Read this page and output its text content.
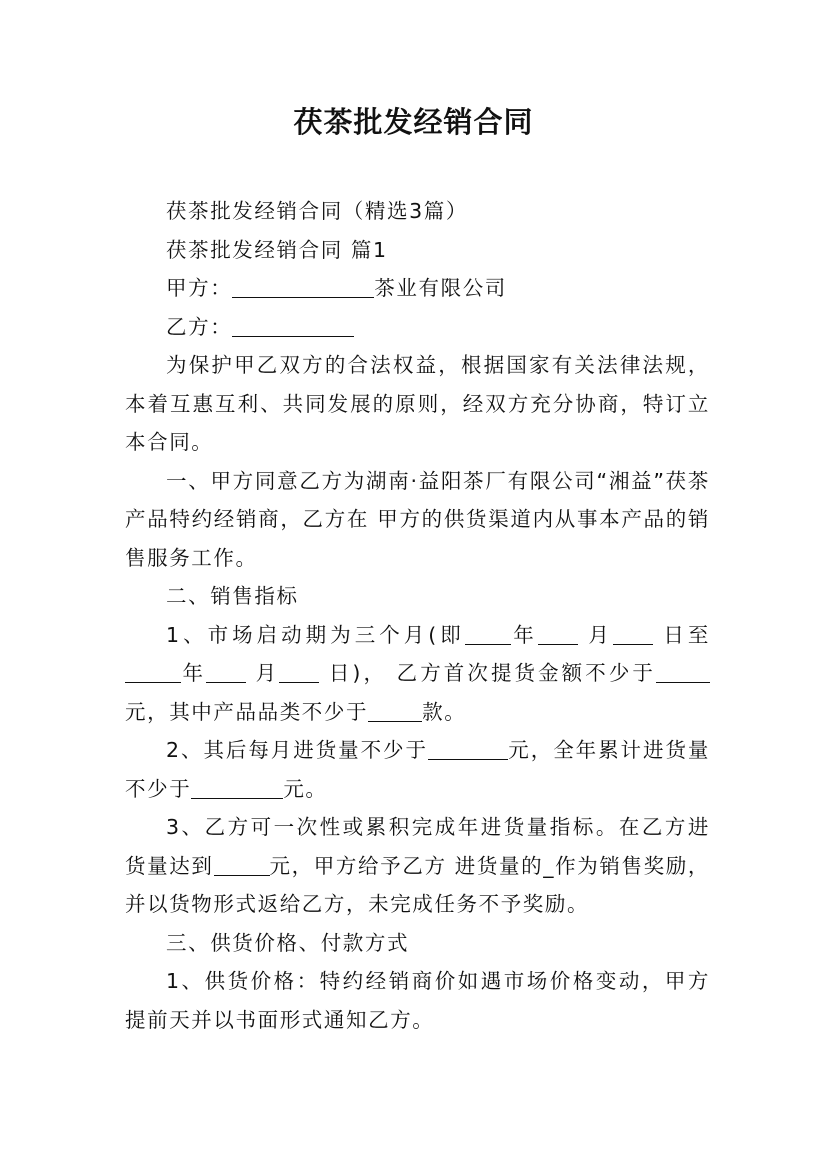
茯茶批发经销合同

茯茶批发经销合同（精选3篇）

茯茶批发经销合同 篇1

甲方：	茶业有限公司

乙方：

为保护甲乙双方的合法权益，根据国家有关法律法规，本着互惠互利、共同发展的原则，经双方充分协商，特订立本合同。

一、甲方同意乙方为湖南·益阳茶厂有限公司“湘益”茯茶产品特约经销商，乙方在 甲方的供货渠道内从事本产品的销售服务工作。

二、销售指标

1、市场启动期为三个月(即 年 月 日至年 月 日)， 乙方首次提货金额不少于元，其中产品品类不少于	款。

2、其后每月进货量不少于	元，全年累计进货量不少于	元。

3、乙方可一次性或累积完成年进货量指标。在乙方进货量达到	元，甲方给予乙方 进货量的_作为销售奖励，并以货物形式返给乙方，未完成任务不予奖励。

三、供货价格、付款方式

1、供货价格：特约经销商价如遇市场价格变动，甲方提前天并以书面形式通知乙方。
